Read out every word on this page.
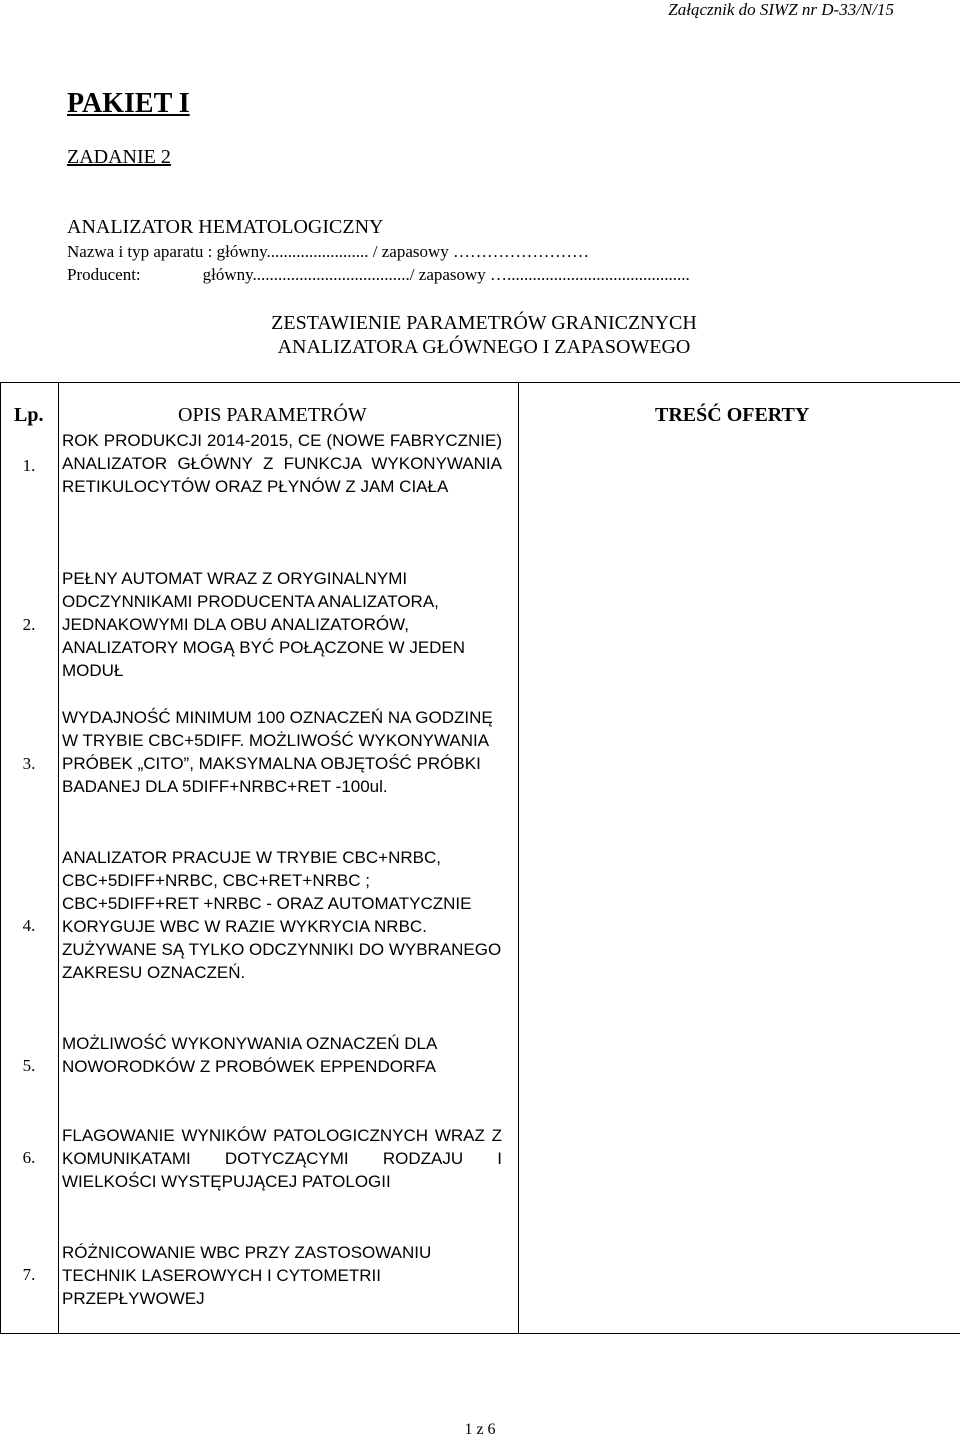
Załącznik do SIWZ nr D-33/N/15
PAKIET I
ZADANIE 2
ANALIZATOR HEMATOLOGICZNY
Nazwa i typ aparatu : główny........................ / zapasowy ……………………
Producent:	główny...................................../ zapasowy …...........................................
ZESTAWIENIE PARAMETRÓW GRANICZNYCH
ANALIZATORA GŁÓWNEGO I ZAPASOWEGO
Lp.	OPIS PARAMETRÓW	TREŚĆ OFERTY
1.
ROK PRODUKCJI 2014-2015, CE (NOWE FABRYCZNIE) ANALIZATOR GŁÓWNY Z FUNKCJA WYKONYWANIA RETIKULOCYTÓW ORAZ PŁYNÓW Z JAM CIAŁA
2.
PEŁNY AUTOMAT WRAZ Z ORYGINALNYMI ODCZYNNIKAMI PRODUCENTA ANALIZATORA, JEDNAKOWYMI DLA OBU ANALIZATORÓW, ANALIZATORY MOGĄ BYĆ POŁĄCZONE W JEDEN MODUŁ
3.
WYDAJNOŚĆ MINIMUM 100 OZNACZEŃ NA GODZINĘ W TRYBIE CBC+5DIFF. MOŻLIWOŚĆ WYKONYWANIA PRÓBEK „CITO”, MAKSYMALNA OBJĘTOŚĆ PRÓBKI BADANEJ DLA 5DIFF+NRBC+RET -100ul.
4.
ANALIZATOR PRACUJE W TRYBIE CBC+NRBC, CBC+5DIFF+NRBC, CBC+RET+NRBC ; CBC+5DIFF+RET +NRBC - ORAZ AUTOMATYCZNIE KORYGUJE WBC W RAZIE WYKRYCIA NRBC. ZUŻYWANE SĄ TYLKO ODCZYNNIKI DO WYBRANEGO ZAKRESU OZNACZEŃ.
5.
MOŻLIWOŚĆ WYKONYWANIA OZNACZEŃ DLA NOWORODKÓW Z PROBÓWEK EPPENDORFA
6.
FLAGOWANIE WYNIKÓW PATOLOGICZNYCH WRAZ Z KOMUNIKATAMI DOTYCZĄCYMI RODZAJU I WIELKOŚCI WYSTĘPUJĄCEJ PATOLOGII
7.
RÓŻNICOWANIE WBC PRZY ZASTOSOWANIU TECHNIK LASEROWYCH I CYTOMETRII PRZEPŁYWOWEJ
1 z 6
